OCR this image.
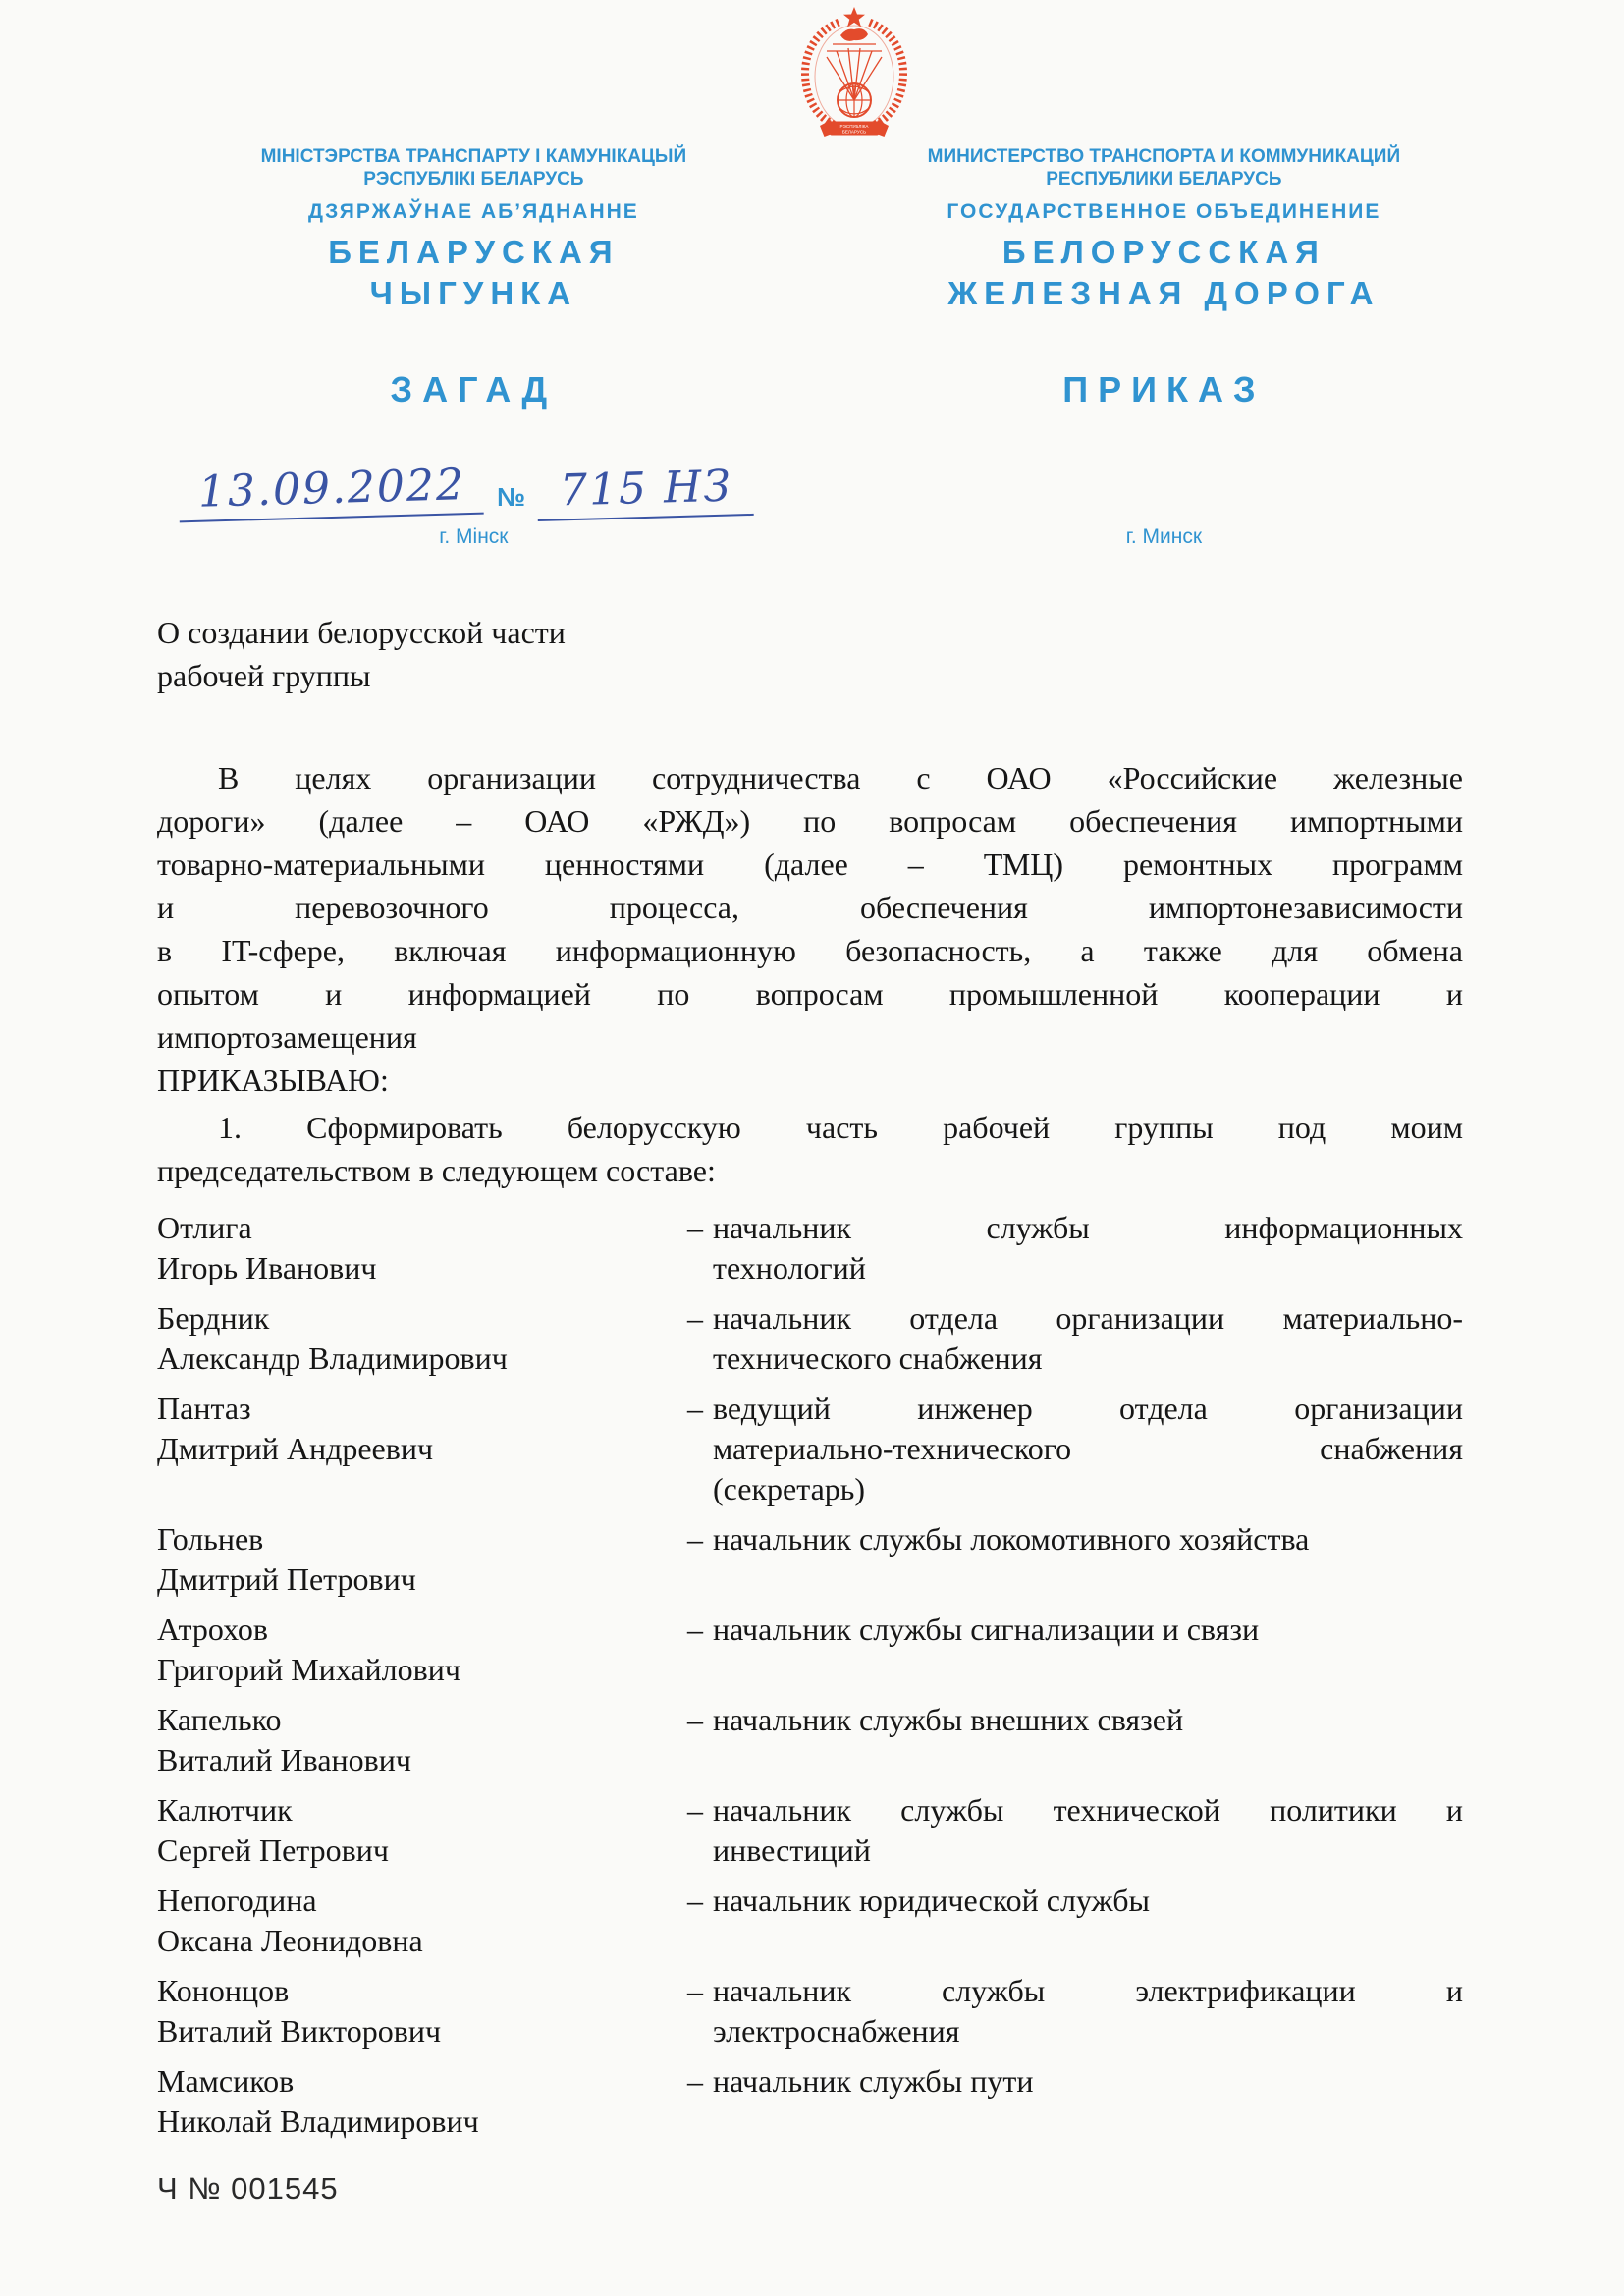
РЭСПУБЛІКА
БЕЛАРУСЬ
МІНІСТЭРСТВА ТРАНСПАРТУ І КАМУНІКАЦЫЙ
РЭСПУБЛІКІ БЕЛАРУСЬ
ДЗЯРЖАЎНАЕ АБ’ЯДНАННЕ
БЕЛАРУСКАЯ
ЧЫГУНКА
ЗАГАД
13.09.2022	№ 715 НЗ
г. Мінск
МИНИСТЕРСТВО ТРАНСПОРТА И КОММУНИКАЦИЙ
РЕСПУБЛИКИ БЕЛАРУСЬ
ГОСУДАРСТВЕННОЕ ОБЪЕДИНЕНИЕ
БЕЛОРУССКАЯ
ЖЕЛЕЗНАЯ ДОРОГА
ПРИКАЗ
г. Минск
О создании белорусской части
рабочей группы
В целях организации сотрудничества с ОАО «Российские железные
дороги» (далее – ОАО «РЖД») по вопросам обеспечения импортными
товарно-материальными ценностями (далее – ТМЦ) ремонтных программ
и перевозочного процесса, обеспечения импортонезависимости
в IT-сфере, включая информационную безопасность, а также для обмена
опытом и информацией по вопросам промышленной кооперации и
импортозамещения
ПРИКАЗЫВАЮ:
1. Сформировать белорусскую часть рабочей группы под моим
председательством в следующем составе:
Отлига
Игорь Иванович
– начальник службы информационных
технологий
Бердник
Александр Владимирович
– начальник отдела организации материально-
технического снабжения
Пантаз
Дмитрий Андреевич
– ведущий инженер отдела организации
материально-технического снабжения
(секретарь)
Гольнев
Дмитрий Петрович
– начальник службы локомотивного хозяйства
Атрохов
Григорий Михайлович
– начальник службы сигнализации и связи
Капелько
Виталий Иванович
– начальник службы внешних связей
Калютчик
Сергей Петрович
– начальник службы технической политики и
инвестиций
Непогодина
Оксана Леонидовна
– начальник юридической службы
Кононцов
Виталий Викторович
– начальник службы электрификации и
электроснабжения
Мамсиков
Николай Владимирович
– начальник службы пути
Ч № 001545
